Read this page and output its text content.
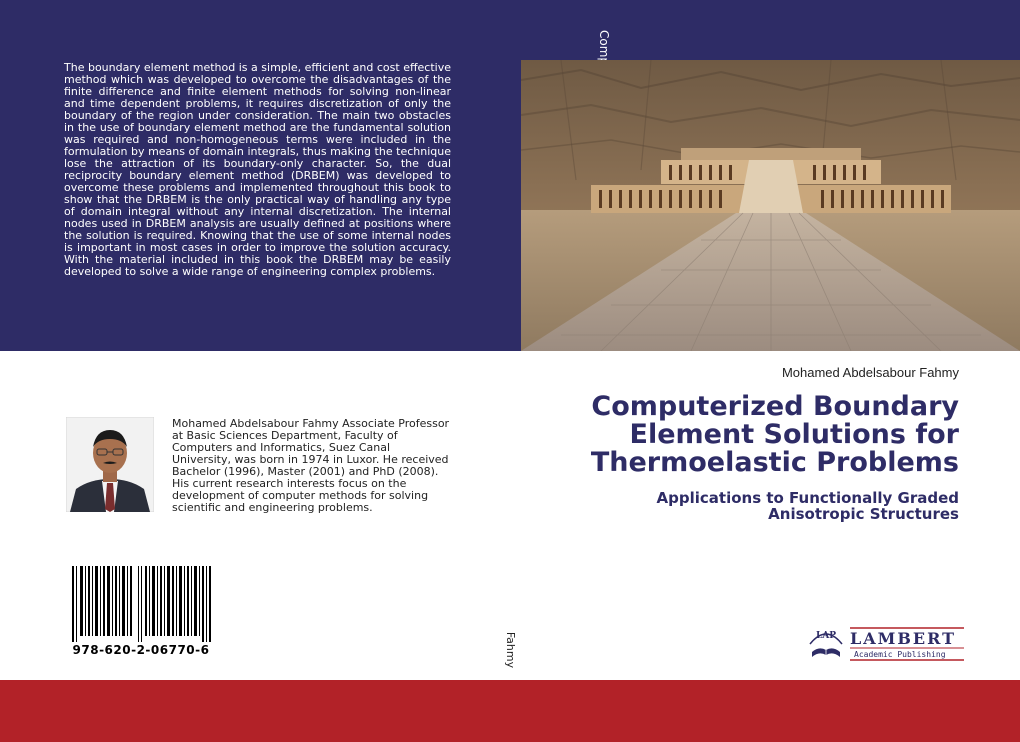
The boundary element method is a simple, efficient and cost effective method which was developed to overcome the disadvantages of the finite difference and finite element methods for solving non-linear and time dependent problems, it requires discretization of only the boundary of the region under consideration. The main two obstacles in the use of boundary element method are the fundamental solution was required and non-homogeneous terms were included in the formulation by means of domain integrals, thus making the technique lose the attraction of its boundary-only character. So, the dual reciprocity boundary element method (DRBEM) was developed to overcome these problems and implemented throughout this book to show that the DRBEM is the only practical way of handling any type of domain integral without any internal discretization. The internal nodes used in DRBEM analysis are usually defined at positions where the solution is required. Knowing that the use of some internal nodes is important in most cases in order to improve the solution accuracy. With the material included in this book the DRBEM may be easily developed to solve a wide range of engineering complex problems.

Fahmy
Mohamed Abdelsabour Fahmy
Computerized Boundary Element Solutions for Thermoelastic Problems
Applications to Functionally Graded Anisotropic Structures

Mohamed Abdelsabour Fahmy Associate Professor at Basic Sciences Department, Faculty of Computers and Informatics, Suez Canal University, was born in 1974 in Luxor. He received Bachelor (1996), Master (2001) and PhD (2008). His current research interests focus on the development of computer methods for solving scientific and engineering problems.

978-620-2-06770-6
LAP LAMBERT
Academic Publishing
